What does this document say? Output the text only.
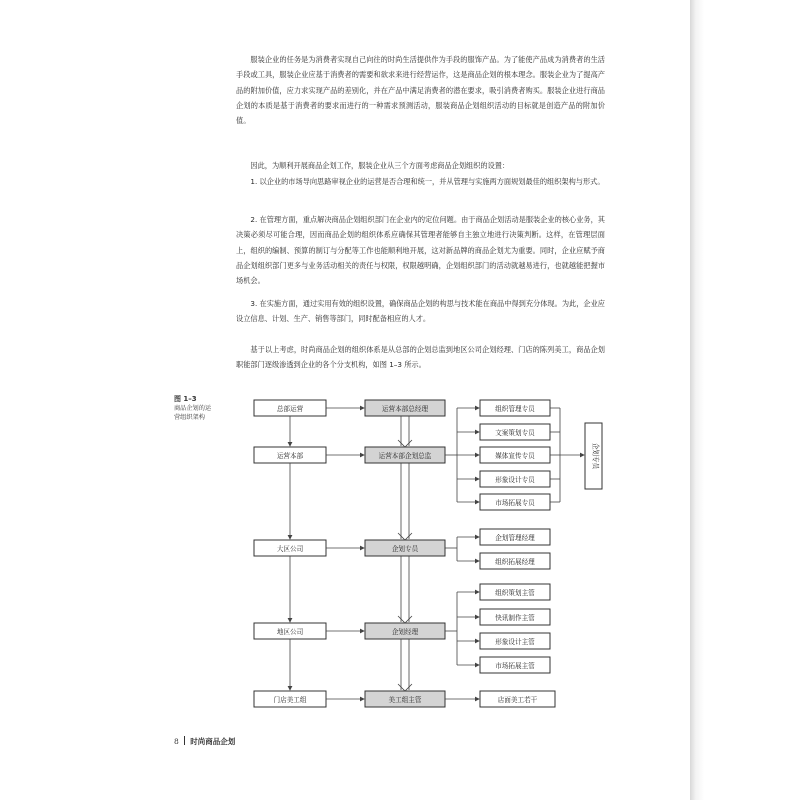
服装企业的任务是为消费者实现自己向往的时尚生活提供作为手段的服饰产品。为了能使产品成为消费者的生活手段或工具，服装企业应基于消费者的需要和欲求来进行经营运作，这是商品企划的根本理念。服装企业为了提高产品的附加价值，应力求实现产品的差别化，并在产品中满足消费者的潜在要求，吸引消费者购买。服装企业进行商品企划的本质是基于消费者的要求而进行的一种需求预测活动，服装商品企划组织活动的目标就是创造产品的附加价值。

因此，为顺利开展商品企划工作，服装企业从三个方面考虑商品企划组织的设置：

1. 以企业的市场导向思路审视企业的运营是否合理和统一，并从管理与实施两方面规划最佳的组织架构与形式。

2. 在管理方面，重点解决商品企划组织部门在企业内的定位问题。由于商品企划活动是服装企业的核心业务，其决策必须尽可能合理，因而商品企划的组织体系应确保其管理者能够自主独立地进行决策判断。这样，在管理层面上，组织的编制、预算的制订与分配等工作也能顺利地开展，这对新品牌的商品企划尤为重要。同时，企业应赋予商品企划组织部门更多与业务活动相关的责任与权限，权限越明确，企划组织部门的活动就越易进行，也就越能把握市场机会。

3. 在实施方面，通过实用有效的组织设置，确保商品企划的构思与技术能在商品中得到充分体现。为此，企业应设立信息、计划、生产、销售等部门，同时配备相应的人才。

基于以上考虑，时尚商品企划的组织体系是从总部的企划总监到地区公司企划经理、门店的陈列美工，商品企划职能部门逐级渗透到企业的各个分支机构，如图 1–3 所示。

图 1–3
商品企划的运
营组织架构
总部运营
运营本部
大区公司
地区公司
门店美工组
运营本部总经理
运营本部企划总监
企划专员
企划经理
美工组主管
组织管理专员
文案策划专员
媒体宣传专员
形象设计专员
市场拓展专员
企划专员
企划管理经理
组织拓展经理
组织策划主管
快讯制作主管
形象设计主管
市场拓展主管
店面美工若干
8 时尚商品企划
